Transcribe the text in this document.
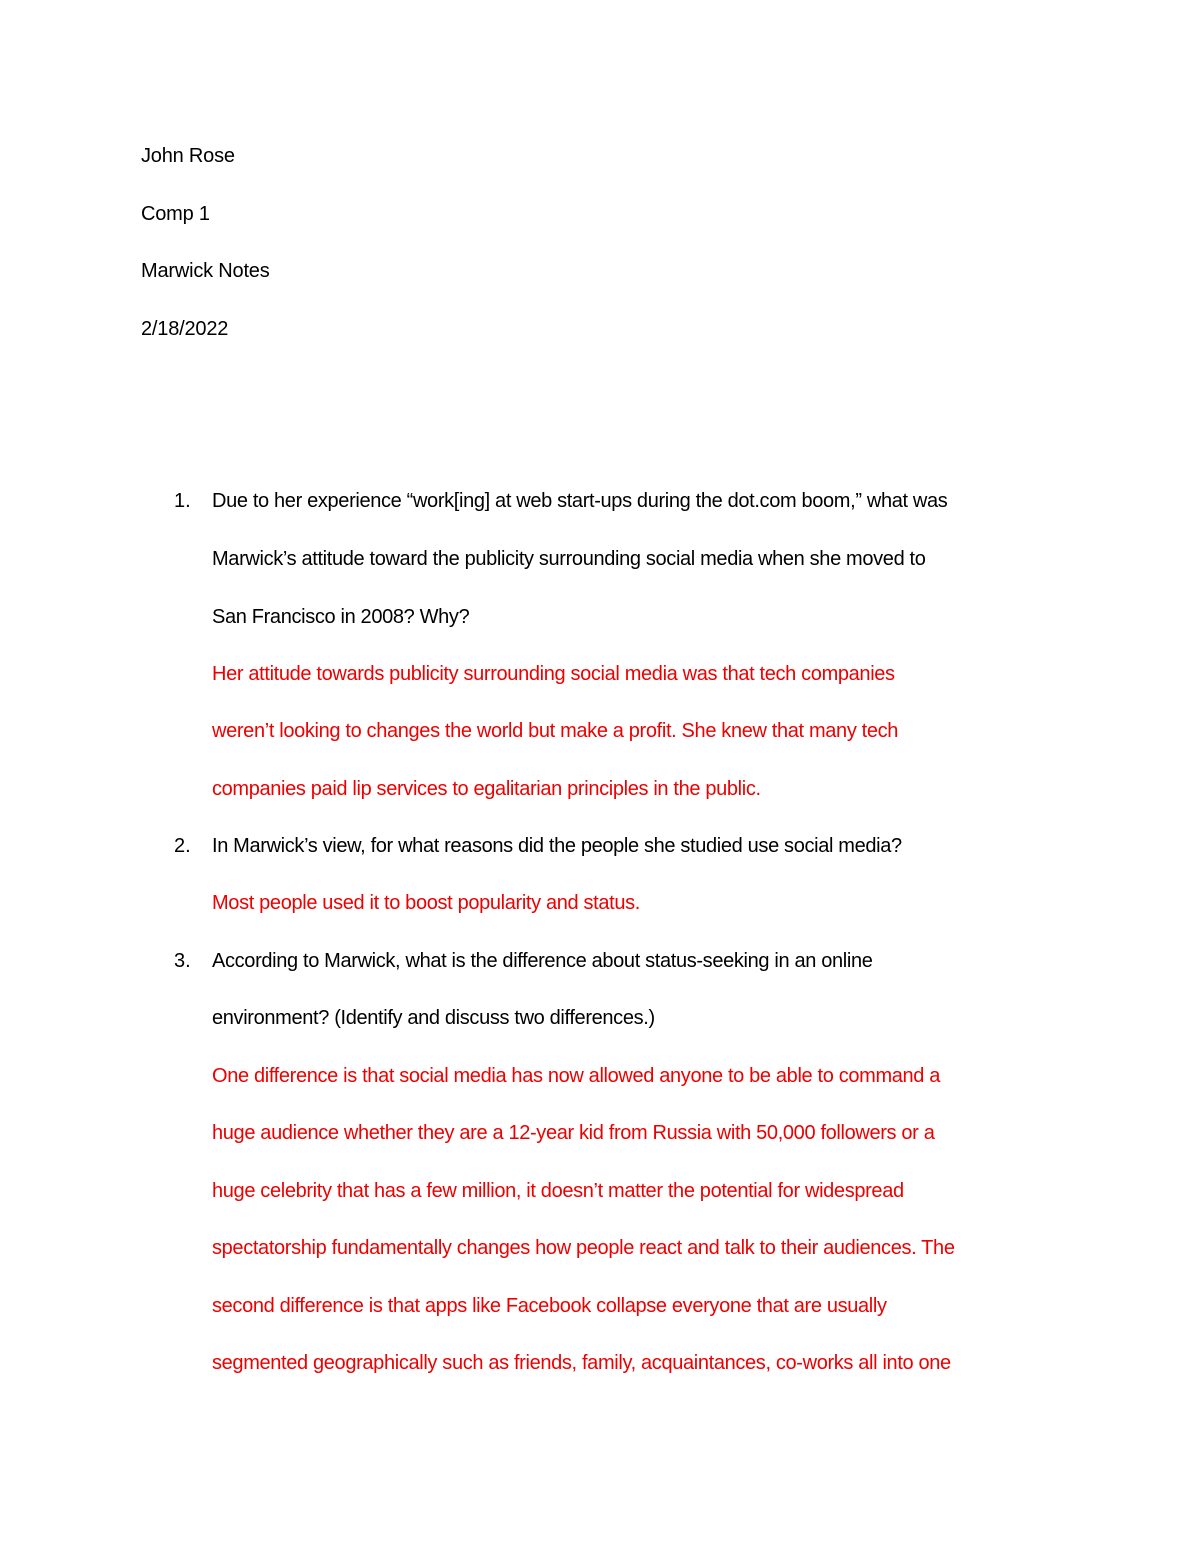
John Rose
Comp 1
Marwick Notes
2/18/2022
1. Due to her experience “work[ing] at web start-ups during the dot.com boom,” what was
Marwick’s attitude toward the publicity surrounding social media when she moved to
San Francisco in 2008? Why?
Her attitude towards publicity surrounding social media was that tech companies
weren’t looking to changes the world but make a profit. She knew that many tech
companies paid lip services to egalitarian principles in the public.
2. In Marwick’s view, for what reasons did the people she studied use social media?
Most people used it to boost popularity and status.
3. According to Marwick, what is the difference about status-seeking in an online
environment? (Identify and discuss two differences.)
One difference is that social media has now allowed anyone to be able to command a
huge audience whether they are a 12-year kid from Russia with 50,000 followers or a
huge celebrity that has a few million, it doesn’t matter the potential for widespread
spectatorship fundamentally changes how people react and talk to their audiences. The
second difference is that apps like Facebook collapse everyone that are usually
segmented geographically such as friends, family, acquaintances, co-works all into one
